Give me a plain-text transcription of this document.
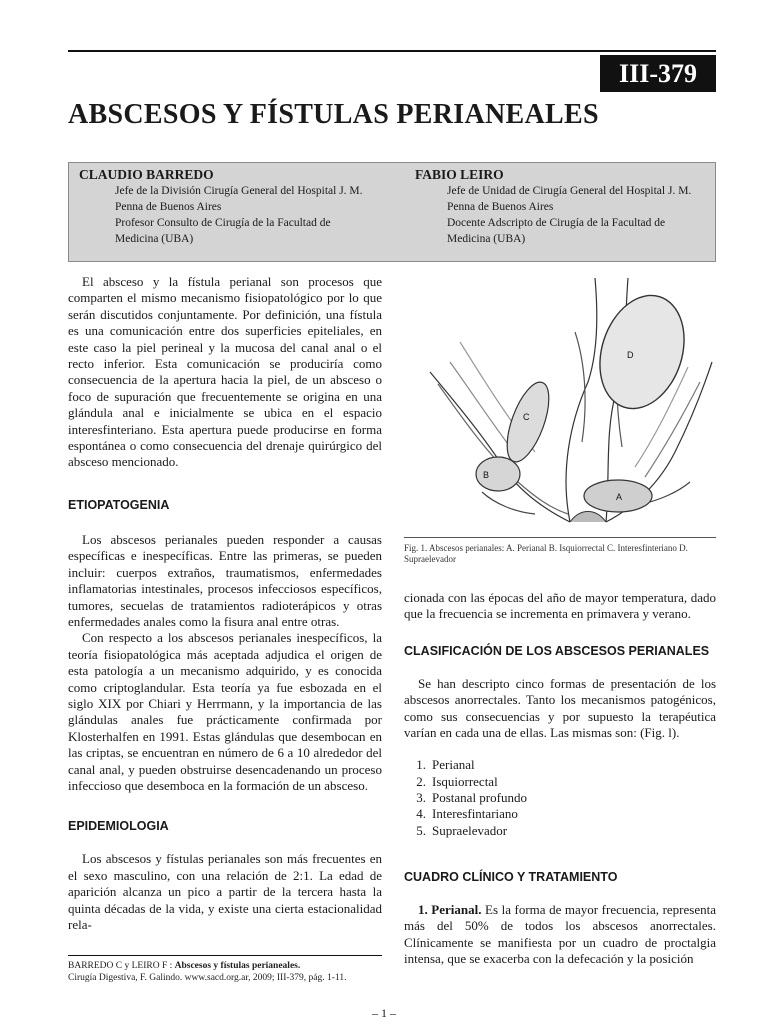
III-379
ABSCESOS Y FÍSTULAS PERIANEALES
CLAUDIO BARREDO
Jefe de la División Cirugía General del Hospital J. M.
Penna de Buenos Aires
Profesor Consulto de Cirugía de la Facultad de
Medicina (UBA)
FABIO LEIRO
Jefe de Unidad de Cirugía General del Hospital J. M.
Penna de Buenos Aires
Docente Adscripto de Cirugía de la Facultad de
Medicina (UBA)

El absceso y la fístula perianal son procesos que comparten el mismo mecanismo fisiopatológico por lo que serán discutidos conjuntamente. Por definición, una fístula es una comunicación entre dos superficies epiteliales, en este caso la piel perineal y la mucosa del canal anal o el recto inferior. Esta comunicación se produciría como consecuencia de la apertura hacia la piel, de un absceso o foco de supuración que frecuentemente se origina en una glándula anal e inicialmente se ubica en el espacio interesfinteriano. Esta apertura puede producirse en forma espontánea o como consecuencia del drenaje quirúrgico del absceso mencionado.

ETIOPATOGENIA

Los abscesos perianales pueden responder a causas específicas e inespecíficas. Entre las primeras, se pueden incluir: cuerpos extraños, traumatismos, enfermedades inflamatorias intestinales, procesos infecciosos específicos, tumores, secuelas de tratamientos radioterápicos y otras enfermedades anales como la fisura anal entre otras.

Con respecto a los abscesos perianales inespecíficos, la teoría fisiopatológica más aceptada adjudica el origen de esta patología a un mecanismo adquirido, y es conocida como criptoglandular. Esta teoría ya fue esbozada en el siglo XIX por Chiari y Herrmann, y la importancia de las glándulas anales fue prácticamente confirmada por Klosterhalfen en 1991. Estas glándulas que desembocan en las criptas, se encuentran en número de 6 a 10 alrededor del canal anal, y pueden obstruirse desencadenando un proceso infeccioso que desemboca en la formación de un absceso.

EPIDEMIOLOGIA

Los abscesos y fístulas perianales son más frecuentes en el sexo masculino, con una relación de 2:1. La edad de aparición alcanza un pico a partir de la tercera hasta la quinta décadas de la vida, y existe una cierta estacionalidad rela-

D
C
B
A
Fig. 1. Abscesos perianales: A. Perianal B. Isquiorrectal C. Interesfinteriano D. Supraelevador

cionada con las épocas del año de mayor temperatura, dado que la frecuencia se incrementa en primavera y verano.

CLASIFICACIÓN DE LOS ABSCESOS PERIANALES

Se han descripto cinco formas de presentación de los abscesos anorrectales. Tanto los mecanismos patogénicos, como sus consecuencias y por supuesto la terapéutica varían en cada una de ellas. Las mismas son: (Fig. l).

1. Perianal
2. Isquiorrectal
3. Postanal profundo
4. Interesfintariano
5. Supraelevador
CUADRO CLÍNICO Y TRATAMIENTO

1. Perianal. Es la forma de mayor frecuencia, representa más del 50% de todos los abscesos anorrectales. Clínicamente se manifiesta por un cuadro de proctalgia intensa, que se exacerba con la defecación y la posición

BARREDO C y LEIRO F : Abscesos y fístulas perianeales.
Cirugía Digestiva, F. Galindo. www.sacd.org.ar, 2009; III-379, pág. 1-11.
– 1 –
